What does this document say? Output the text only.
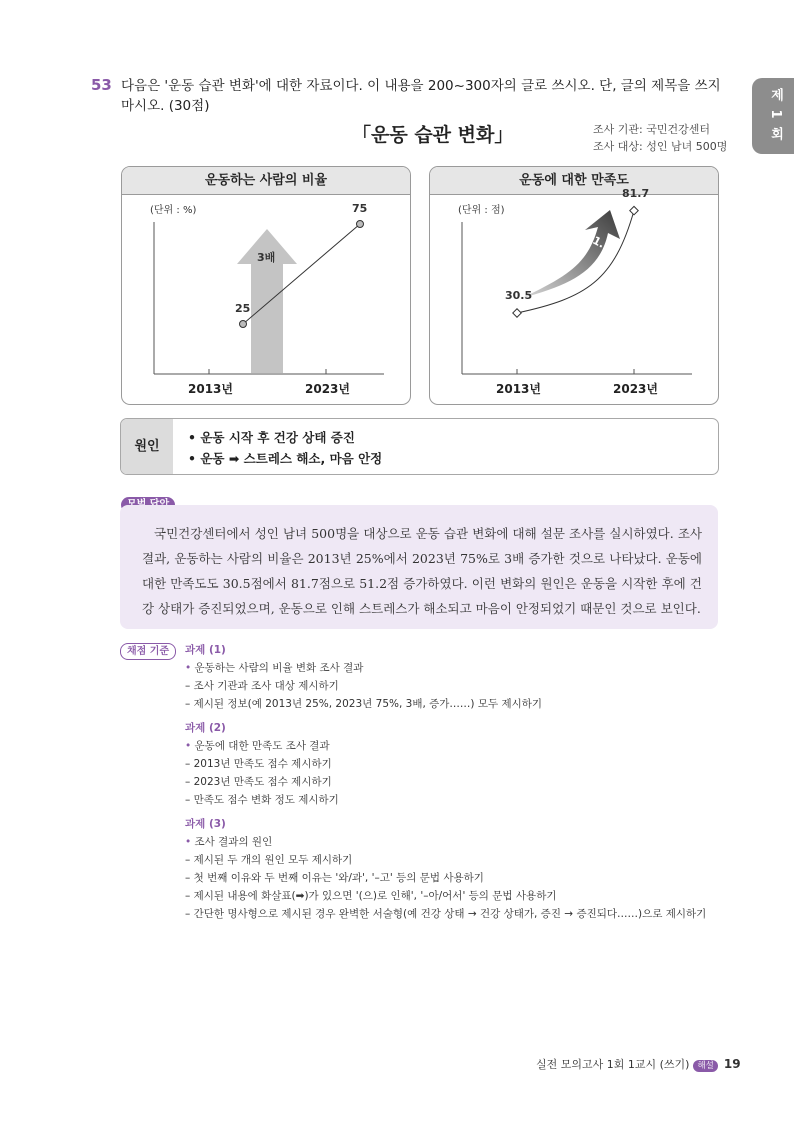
53 다음은 '운동 습관 변화'에 대한 자료이다. 이 내용을 200~300자의 글로 쓰시오. 단, 글의 제목을 쓰지 마시오. (30점)	제 1 회
「운동 습관 변화」	조사 기관: 국민건강센터
조사 대상: 성인 남녀 500명
운동하는 사람의 비율
(단위 : %)
3배
25
75
2013년	2023년
운동에 대한 만족도
(단위 : 점)
51.2
30.5
81.7
2013년	2023년
원인
• 운동 시작 후 건강 상태 증진
• 운동 ➡ 스트레스 해소, 마음 안정
국민건강센터에서 성인 남녀 500명을 대상으로 운동 습관 변화에 대해 설문 조사를 실시하였다. 조사 결과, 운동하는 사람의 비율은 2013년 25%에서 2023년 75%로 3배 증가한 것으로 나타났다. 운동에 대한 만족도도 30.5점에서 81.7점으로 51.2점 증가하였다. 이런 변화의 원인은 운동을 시작한 후에 건강 상태가 증진되었으며, 운동으로 인해 스트레스가 해소되고 마음이 안정되었기 때문인 것으로 보인다.
채점 기준	과제 (1)
• 운동하는 사람의 비율 변화 조사 결과
– 조사 기관과 조사 대상 제시하기
– 제시된 정보(예 2013년 25%, 2023년 75%, 3배, 증가……) 모두 제시하기
과제 (2)
• 운동에 대한 만족도 조사 결과
– 2013년 만족도 점수 제시하기
– 2023년 만족도 점수 제시하기
– 만족도 점수 변화 정도 제시하기
과제 (3)
• 조사 결과의 원인
– 제시된 두 개의 원인 모두 제시하기
– 첫 번째 이유와 두 번째 이유는 '와/과', '–고' 등의 문법 사용하기
– 제시된 내용에 화살표(➡)가 있으면 '(으)로 인해', '–아/어서' 등의 문법 사용하기
– 간단한 명사형으로 제시된 경우 완벽한 서술형(예 건강 상태 → 건강 상태가, 증진 → 증진되다……)으로 제시하기
실전 모의고사 1회 1교시 (쓰기) 해설 19
